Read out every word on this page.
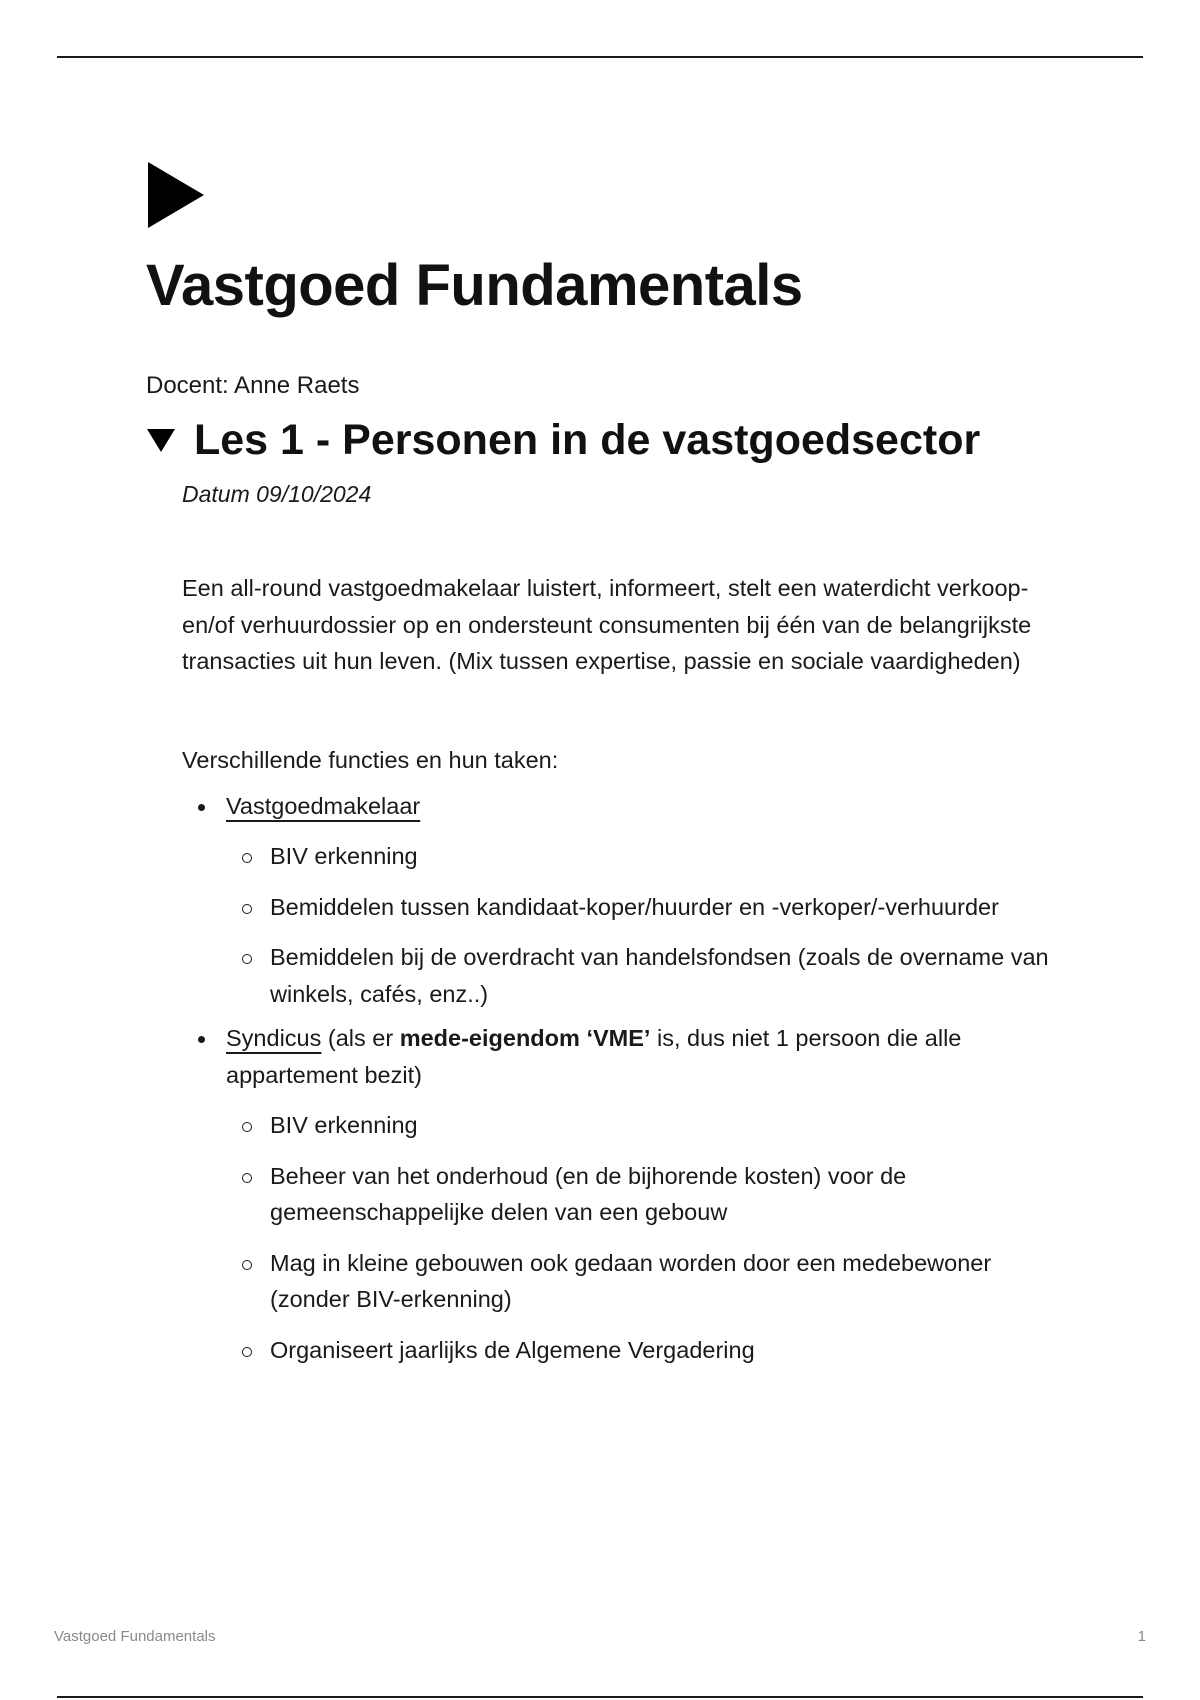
Vastgoed Fundamentals

Docent: Anne Raets

Les 1 - Personen in de vastgoedsector

Datum 09/10/2024

Een all-round vastgoedmakelaar luistert, informeert, stelt een waterdicht verkoop- en/of verhuurdossier op en ondersteunt consumenten bij één van de belangrijkste transacties uit hun leven. (Mix tussen expertise, passie en sociale vaardigheden)

Verschillende functies en hun taken:

Vastgoedmakelaar
BIV erkenning
Bemiddelen tussen kandidaat-koper/huurder en -verkoper/-verhuurder
Bemiddelen bij de overdracht van handelsfondsen (zoals de overname van winkels, cafés, enz..)
Syndicus (als er mede-eigendom ‘VME’ is, dus niet 1 persoon die alle appartement bezit)
BIV erkenning
Beheer van het onderhoud (en de bijhorende kosten) voor de gemeenschappelijke delen van een gebouw
Mag in kleine gebouwen ook gedaan worden door een medebewoner (zonder BIV-erkenning)
Organiseert jaarlijks de Algemene Vergadering
Vastgoed Fundamentals	1
